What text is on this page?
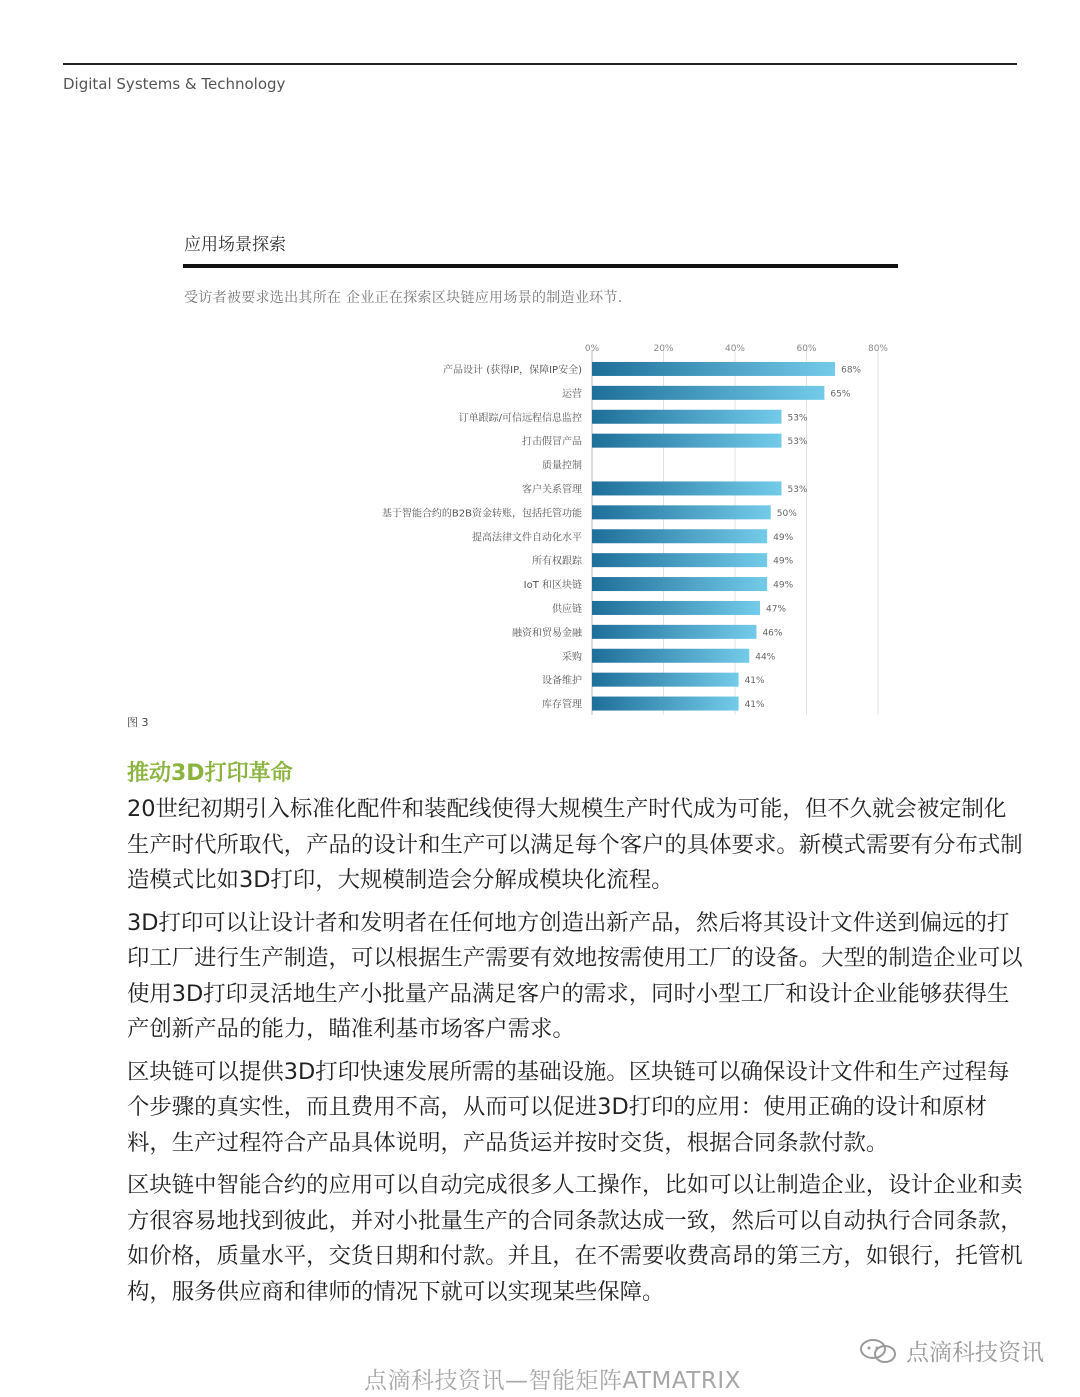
Digital Systems & Technology
应用场景探索
受访者被要求选出其所在 企业正在探索区块链应用场景的制造业环节.
0%	20%	40%	60%	80%
产品设计 (获得IP，保障IP安全)
运营
订单跟踪/可信远程信息监控
打击假冒产品
质量控制
客户关系管理
基于智能合约的B2B资金转账，包括托管功能
提高法律文件自动化水平
所有权跟踪
IoT 和区块链
供应链
融资和贸易金融
采购
设备维护
库存管理
68%
65%
53%
53%
53%
50%
49%
49%
49%
47%
46%
44%
41%
41%
图 3
推动3D打印革命

20世纪初期引入标准化配件和装配线使得大规模生产时代成为可能，但不久就会被定制化生产时代所取代，产品的设计和生产可以满足每个客户的具体要求。新模式需要有分布式制造模式比如3D打印，大规模制造会分解成模块化流程。

3D打印可以让设计者和发明者在任何地方创造出新产品，然后将其设计文件送到偏远的打印工厂进行生产制造，可以根据生产需要有效地按需使用工厂的设备。大型的制造企业可以使用3D打印灵活地生产小批量产品满足客户的需求，同时小型工厂和设计企业能够获得生产创新产品的能力，瞄准利基市场客户需求。

区块链可以提供3D打印快速发展所需的基础设施。区块链可以确保设计文件和生产过程每个步骤的真实性，而且费用不高，从而可以促进3D打印的应用：使用正确的设计和原材料，生产过程符合产品具体说明，产品货运并按时交货，根据合同条款付款。

区块链中智能合约的应用可以自动完成很多人工操作，比如可以让制造企业，设计企业和卖方很容易地找到彼此，并对小批量生产的合同条款达成一致，然后可以自动执行合同条款，如价格，质量水平，交货日期和付款。并且，在不需要收费高昂的第三方，如银行，托管机构，服务供应商和律师的情况下就可以实现某些保障。

点滴科技资讯
点滴科技资讯—智能矩阵ATMATRIX
